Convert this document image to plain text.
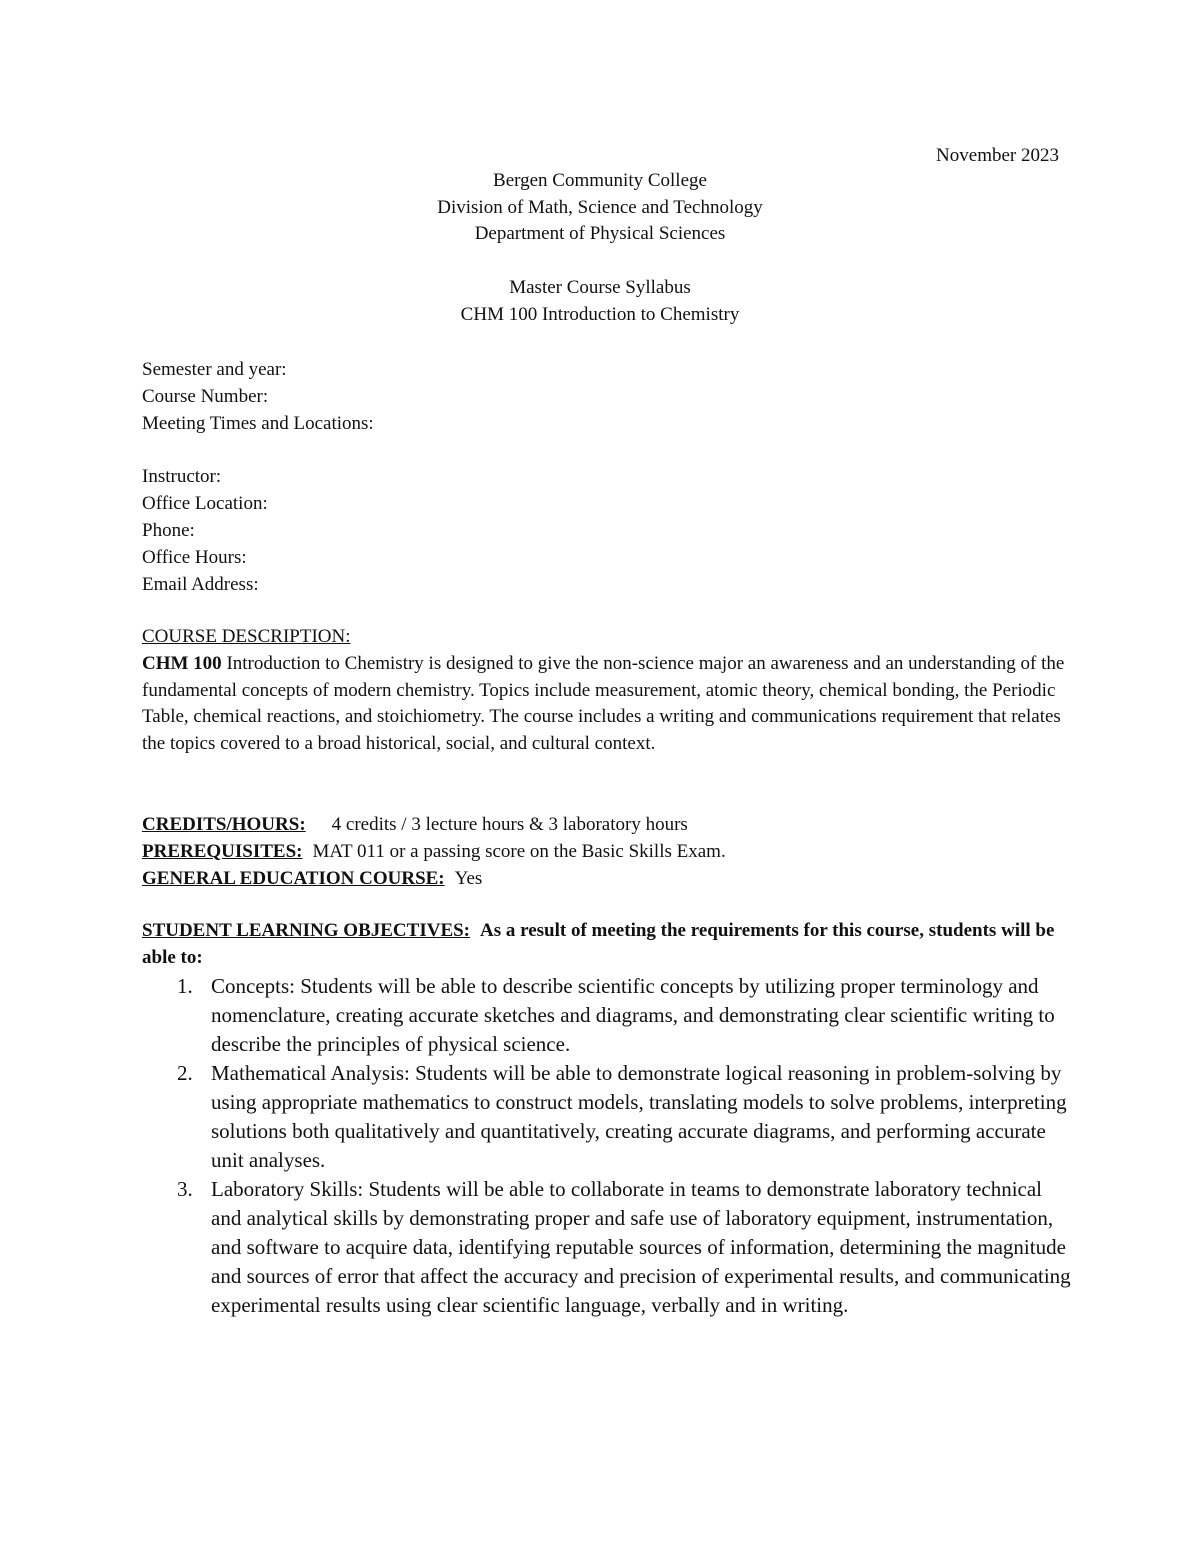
November 2023
Bergen Community College
Division of Math, Science and Technology
Department of Physical Sciences
Master Course Syllabus
CHM 100 Introduction to Chemistry
Semester and year:
Course Number:
Meeting Times and Locations:
Instructor:
Office Location:
Phone:
Office Hours:
Email Address:
COURSE DESCRIPTION:
CHM 100 Introduction to Chemistry is designed to give the non-science major an awareness and an understanding of the fundamental concepts of modern chemistry. Topics include measurement, atomic theory, chemical bonding, the Periodic Table, chemical reactions, and stoichiometry. The course includes a writing and communications requirement that relates the topics covered to a broad historical, social, and cultural context.
CREDITS/HOURS: 4 credits / 3 lecture hours & 3 laboratory hours
PREREQUISITES: MAT 011 or a passing score on the Basic Skills Exam.
GENERAL EDUCATION COURSE: Yes
STUDENT LEARNING OBJECTIVES: As a result of meeting the requirements for this course, students will be able to:
1. Concepts: Students will be able to describe scientific concepts by utilizing proper terminology and nomenclature, creating accurate sketches and diagrams, and demonstrating clear scientific writing to describe the principles of physical science.
2. Mathematical Analysis: Students will be able to demonstrate logical reasoning in problem-solving by using appropriate mathematics to construct models, translating models to solve problems, interpreting solutions both qualitatively and quantitatively, creating accurate diagrams, and performing accurate unit analyses.
3. Laboratory Skills: Students will be able to collaborate in teams to demonstrate laboratory technical and analytical skills by demonstrating proper and safe use of laboratory equipment, instrumentation, and software to acquire data, identifying reputable sources of information, determining the magnitude and sources of error that affect the accuracy and precision of experimental results, and communicating experimental results using clear scientific language, verbally and in writing.
